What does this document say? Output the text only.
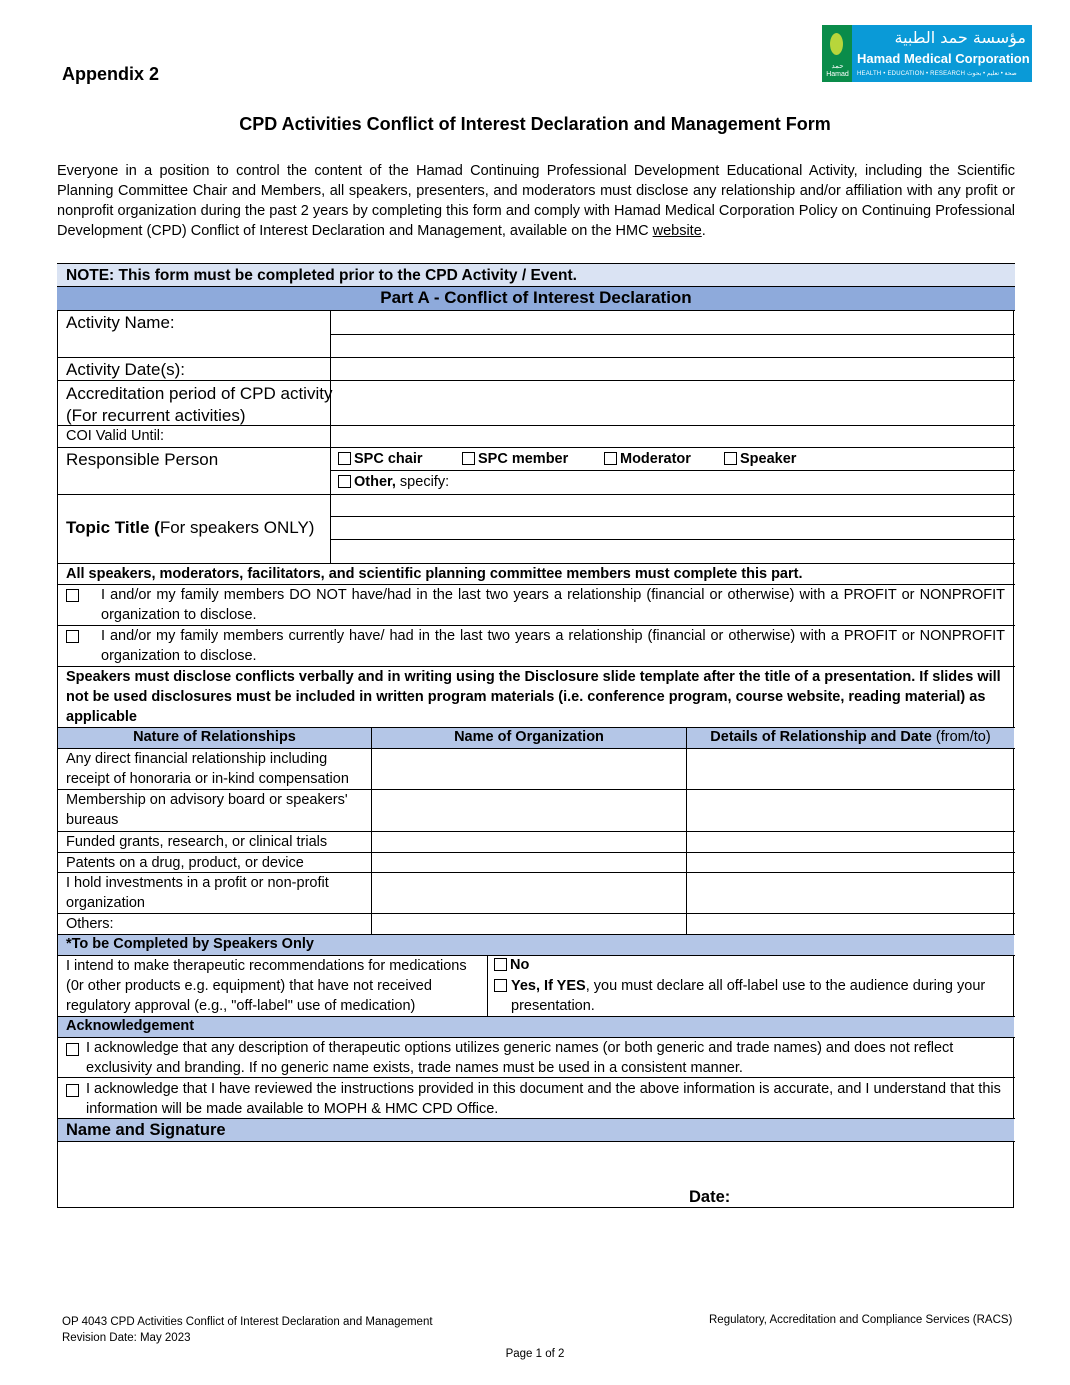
Appendix 2	حمد Hamad
مؤسسة حمد الطبية
Hamad Medical Corporation
HEALTH • EDUCATION • RESEARCH صحة • تعليم • بحوث
CPD Activities Conflict of Interest Declaration and Management Form
Everyone in a position to control the content of the Hamad Continuing Professional Development Educational Activity, including the Scientific Planning Committee Chair and Members, all speakers, presenters, and moderators must disclose any relationship and/or affiliation with any profit or nonprofit organization during the past 2 years by completing this form and comply with Hamad Medical Corporation Policy on Continuing Professional Development (CPD) Conflict of Interest Declaration and Management, available on the HMC website.
NOTE: This form must be completed prior to the CPD Activity / Event.
Part A - Conflict of Interest Declaration
Activity Name:
Activity Date(s):
Accreditation period of CPD activity
(For recurrent activities)
COI Valid Until:
Responsible Person	SPC chair	SPC member	Moderator	Speaker
Other, specify:
Topic Title (For speakers ONLY)
All speakers, moderators, facilitators, and scientific planning committee members must complete this part.
I and/or my family members DO NOT have/had in the last two years a relationship (financial or otherwise) with a PROFIT or NONPROFIT organization to disclose.
I and/or my family members currently have/ had in the last two years a relationship (financial or otherwise) with a PROFIT or NONPROFIT organization to disclose.
Speakers must disclose conflicts verbally and in writing using the Disclosure slide template after the title of a presentation. If slides will not be used disclosures must be included in written program materials (i.e. conference program, course website, reading material) as applicable
Nature of Relationships	Name of Organization	Details of Relationship and Date (from/to)
Any direct financial relationship including receipt of honoraria or in-kind compensation
Membership on advisory board or speakers' bureaus
Funded grants, research, or clinical trials
Patents on a drug, product, or device
I hold investments in a profit or non-profit organization
Others:
*To be Completed by Speakers Only
I intend to make therapeutic recommendations for medications (0r other products e.g. equipment) that have not received regulatory approval (e.g., "off-label" use of medication)
No
Yes, If YES, you must declare all off-label use to the audience during your presentation.
Acknowledgement
I acknowledge that any description of therapeutic options utilizes generic names (or both generic and trade names) and does not reflect exclusivity and branding. If no generic name exists, trade names must be used in a consistent manner.
I acknowledge that I have reviewed the instructions provided in this document and the above information is accurate, and I understand that this information will be made available to MOPH & HMC CPD Office.
Name and Signature
Date:
OP 4043 CPD Activities Conflict of Interest Declaration and Management
Revision Date: May 2023
Regulatory, Accreditation and Compliance Services (RACS)
Page 1 of 2
